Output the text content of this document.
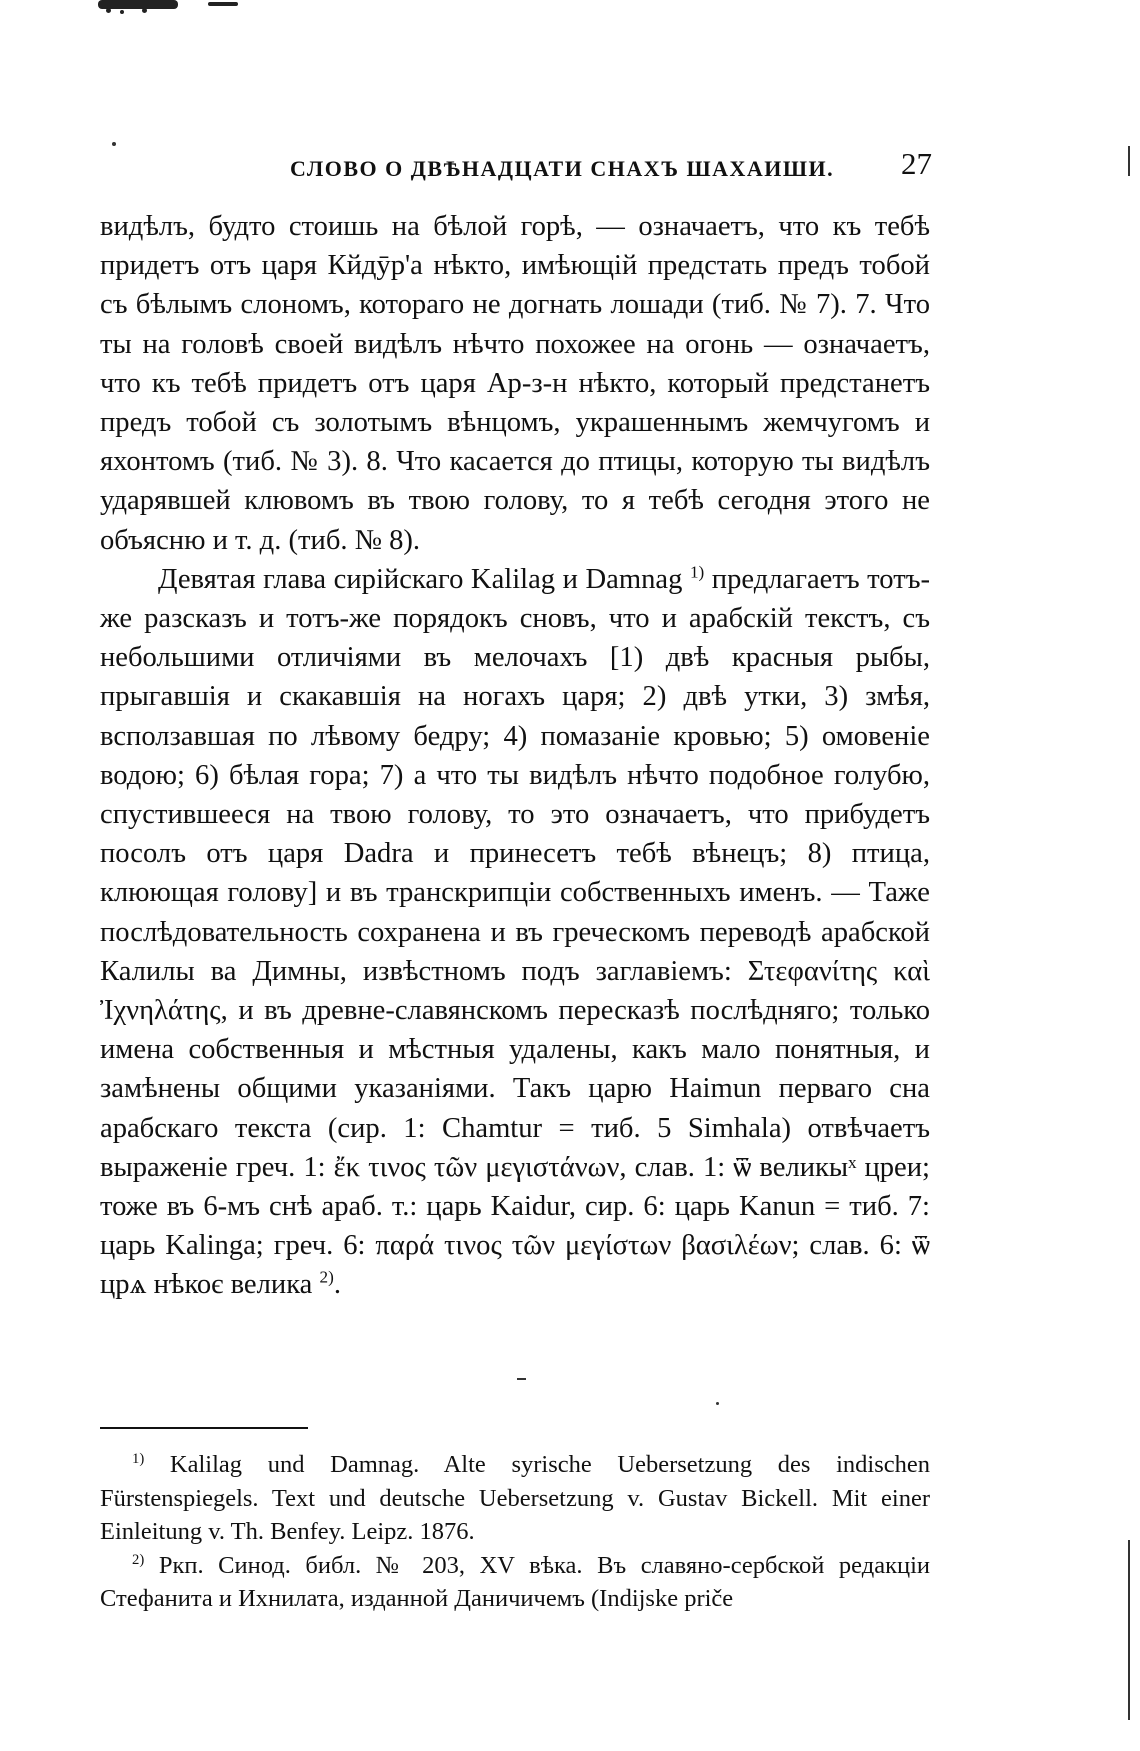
СЛОВО О ДВѢНАДЦАТИ СНАХЪ ШАХАИШИ. 27

видѣлъ, будто стоишь на бѣлой горѣ, — означаетъ, что къ тебѣ придетъ отъ царя Кйдӯр'а нѣкто, имѣющій предстать предъ тобой съ бѣлымъ слономъ, котораго не догнать лошади (тиб. № 7). 7. Что ты на головѣ своей видѣлъ нѣчто похожее на огонь — означаетъ, что къ тебѣ придетъ отъ царя Ар-з-н нѣкто, который предстанетъ предъ тобой съ золотымъ вѣнцомъ, украшеннымъ жемчугомъ и яхонтомъ (тиб. № 3). 8. Что касается до птицы, которую ты видѣлъ ударявшей клювомъ въ твою голову, то я тебѣ сегодня этого не объясню и т. д. (тиб. № 8).

Девятая глава сирійскаго Kalilag и Damnag $^{1)}$ предлагаетъ тотъ-же разсказъ и тотъ-же порядокъ сновъ, что и арабскій текстъ, съ небольшими отличіями въ мелочахъ [1) двѣ красныя рыбы, прыгавшія и скакавшія на ногахъ царя; 2) двѣ утки, 3) змѣя, всползавшая по лѣвому бедру; 4) помазаніе кровью; 5) омовеніе водою; 6) бѣлая гора; 7) а что ты видѣлъ нѣчто подобное голубю, спустившееся на твою голову, то это означаетъ, что прибудетъ посолъ отъ царя Dadra и принесетъ тебѣ вѣнецъ; 8) птица, клюющая голову] и въ транскрипціи собственныхъ именъ. — Таже послѣдовательность сохранена и въ греческомъ переводѣ арабской Калилы ва Димны, извѣстномъ подъ заглавіемъ: Στεφανίτης καὶ Ἰχνηλάτης, и въ древне-славянскомъ пересказѣ послѣдняго; только имена собственныя и мѣстныя удалены, какъ мало понятныя, и замѣнены общими указаніями. Такъ царю Haimun перваго сна арабскаго текста (сир. 1: Chamtur = тиб. 5 Simhala) отвѣчаетъ выраженіе греч. 1: ἔκ τινος τῶν μεγιστάνων, слав. 1: ѿ великыˣ цреи; тоже въ 6-мъ снѣ араб. т.: царь Kaidur, сир. 6: царь Kanun = тиб. 7: царь Kalinga; греч. 6: παρά τινος τῶν μεγίστων βασιλέων; слав. 6: ѿ црѧ нѣкоє велика $^{2)}$.

$^{1)}$ Kalilag und Damnag. Alte syrische Uebersetzung des indischen Fürstenspiegels. Text und deutsche Uebersetzung v. Gustav Bickell. Mit einer Einleitung v. Th. Benfey. Leipz. 1876.

$^{2)}$ Ркп. Синод. библ. № 203, XV вѣка. Въ славяно-сербской редакціи Стефанита и Ихнилата, изданной Даничичемъ (Indijske priče
